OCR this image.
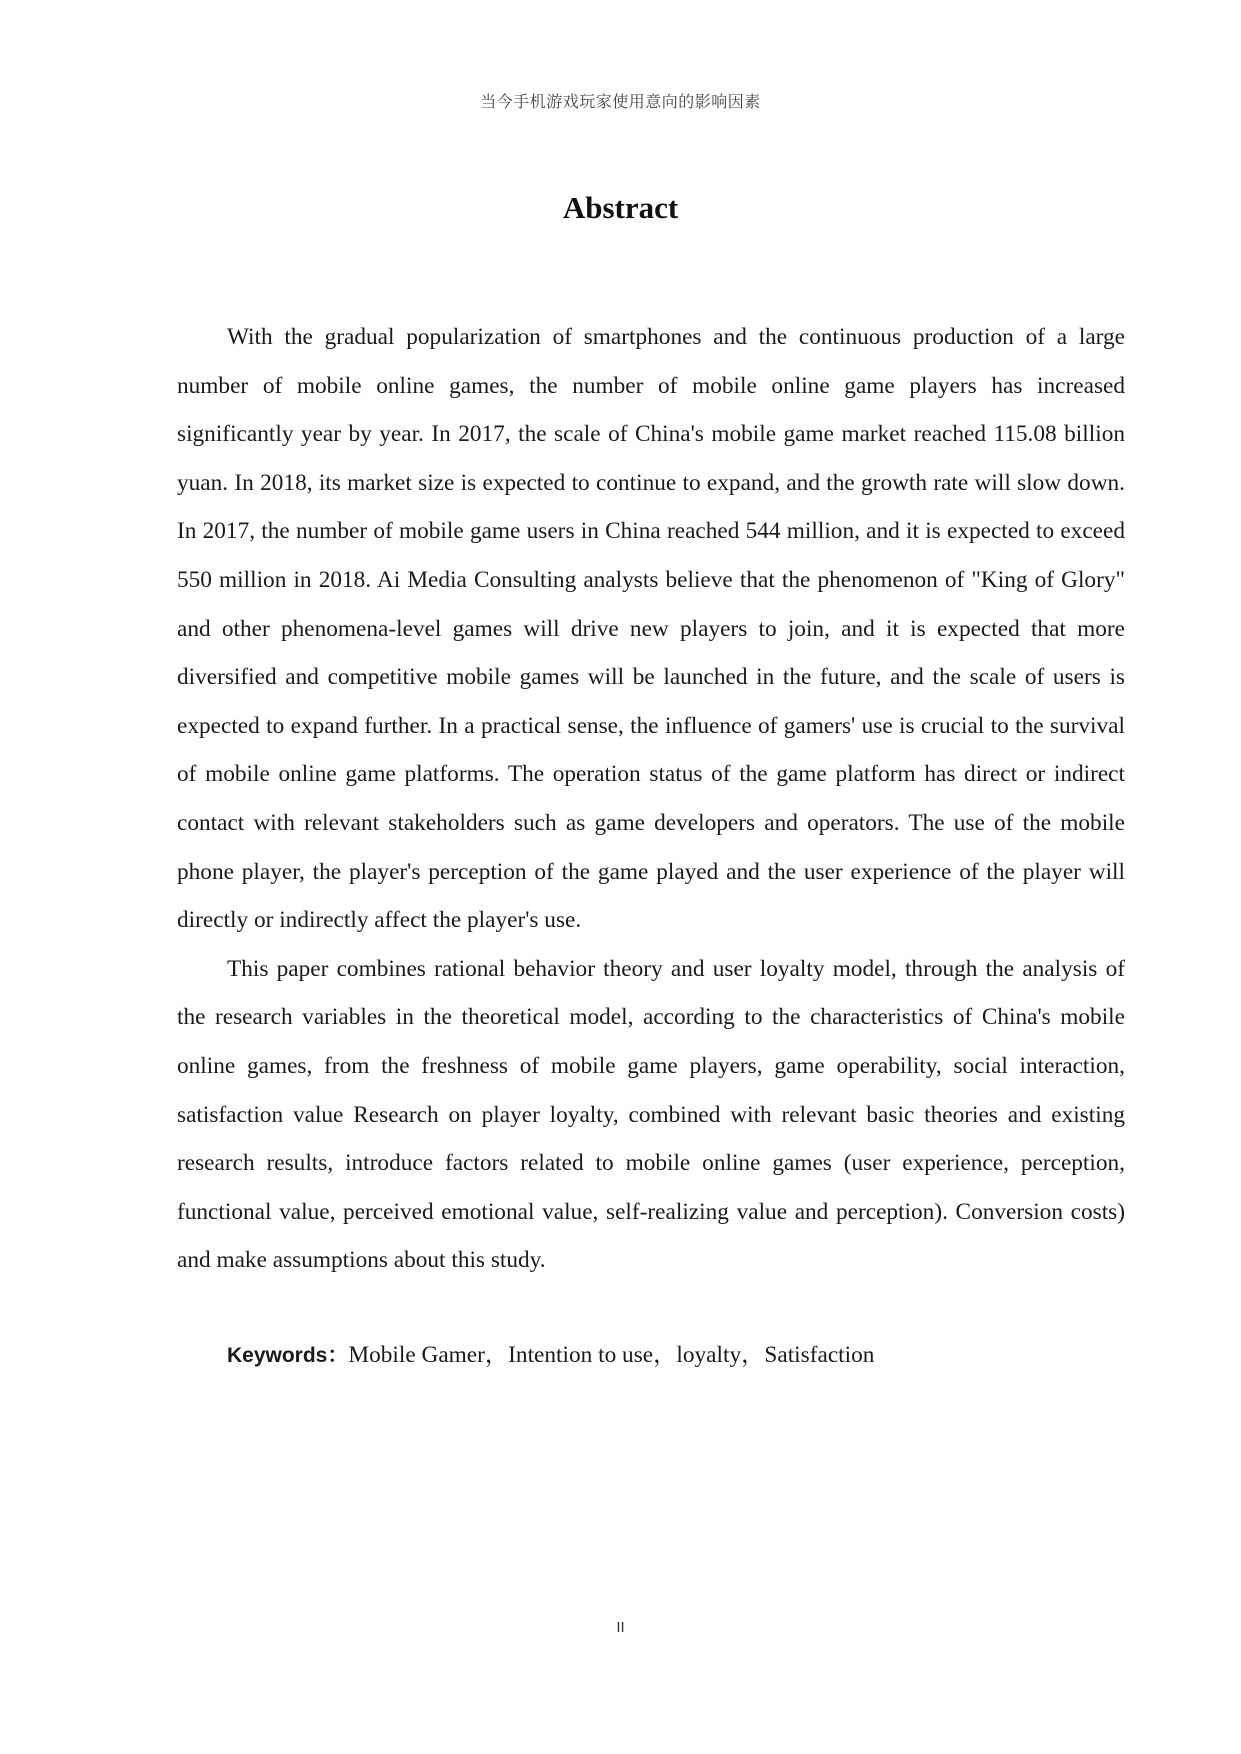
当今手机游戏玩家使用意向的影响因素
Abstract

With the gradual popularization of smartphones and the continuous production of a large number of mobile online games, the number of mobile online game players has increased significantly year by year. In 2017, the scale of China's mobile game market reached 115.08 billion yuan. In 2018, its market size is expected to continue to expand, and the growth rate will slow down. In 2017, the number of mobile game users in China reached 544 million, and it is expected to exceed 550 million in 2018. Ai Media Consulting analysts believe that the phenomenon of "King of Glory" and other phenomena-level games will drive new players to join, and it is expected that more diversified and competitive mobile games will be launched in the future, and the scale of users is expected to expand further. In a practical sense, the influence of gamers' use is crucial to the survival of mobile online game platforms. The operation status of the game platform has direct or indirect contact with relevant stakeholders such as game developers and operators. The use of the mobile phone player, the player's perception of the game played and the user experience of the player will directly or indirectly affect the player's use.

This paper combines rational behavior theory and user loyalty model, through the analysis of the research variables in the theoretical model, according to the characteristics of China's mobile online games, from the freshness of mobile game players, game operability, social interaction, satisfaction value Research on player loyalty, combined with relevant basic theories and existing research results, introduce factors related to mobile online games (user experience, perception, functional value, perceived emotional value, self-realizing value and perception). Conversion costs) and make assumptions about this study.

Keywords：Mobile Gamer，Intention to use，loyalty，Satisfaction
II
